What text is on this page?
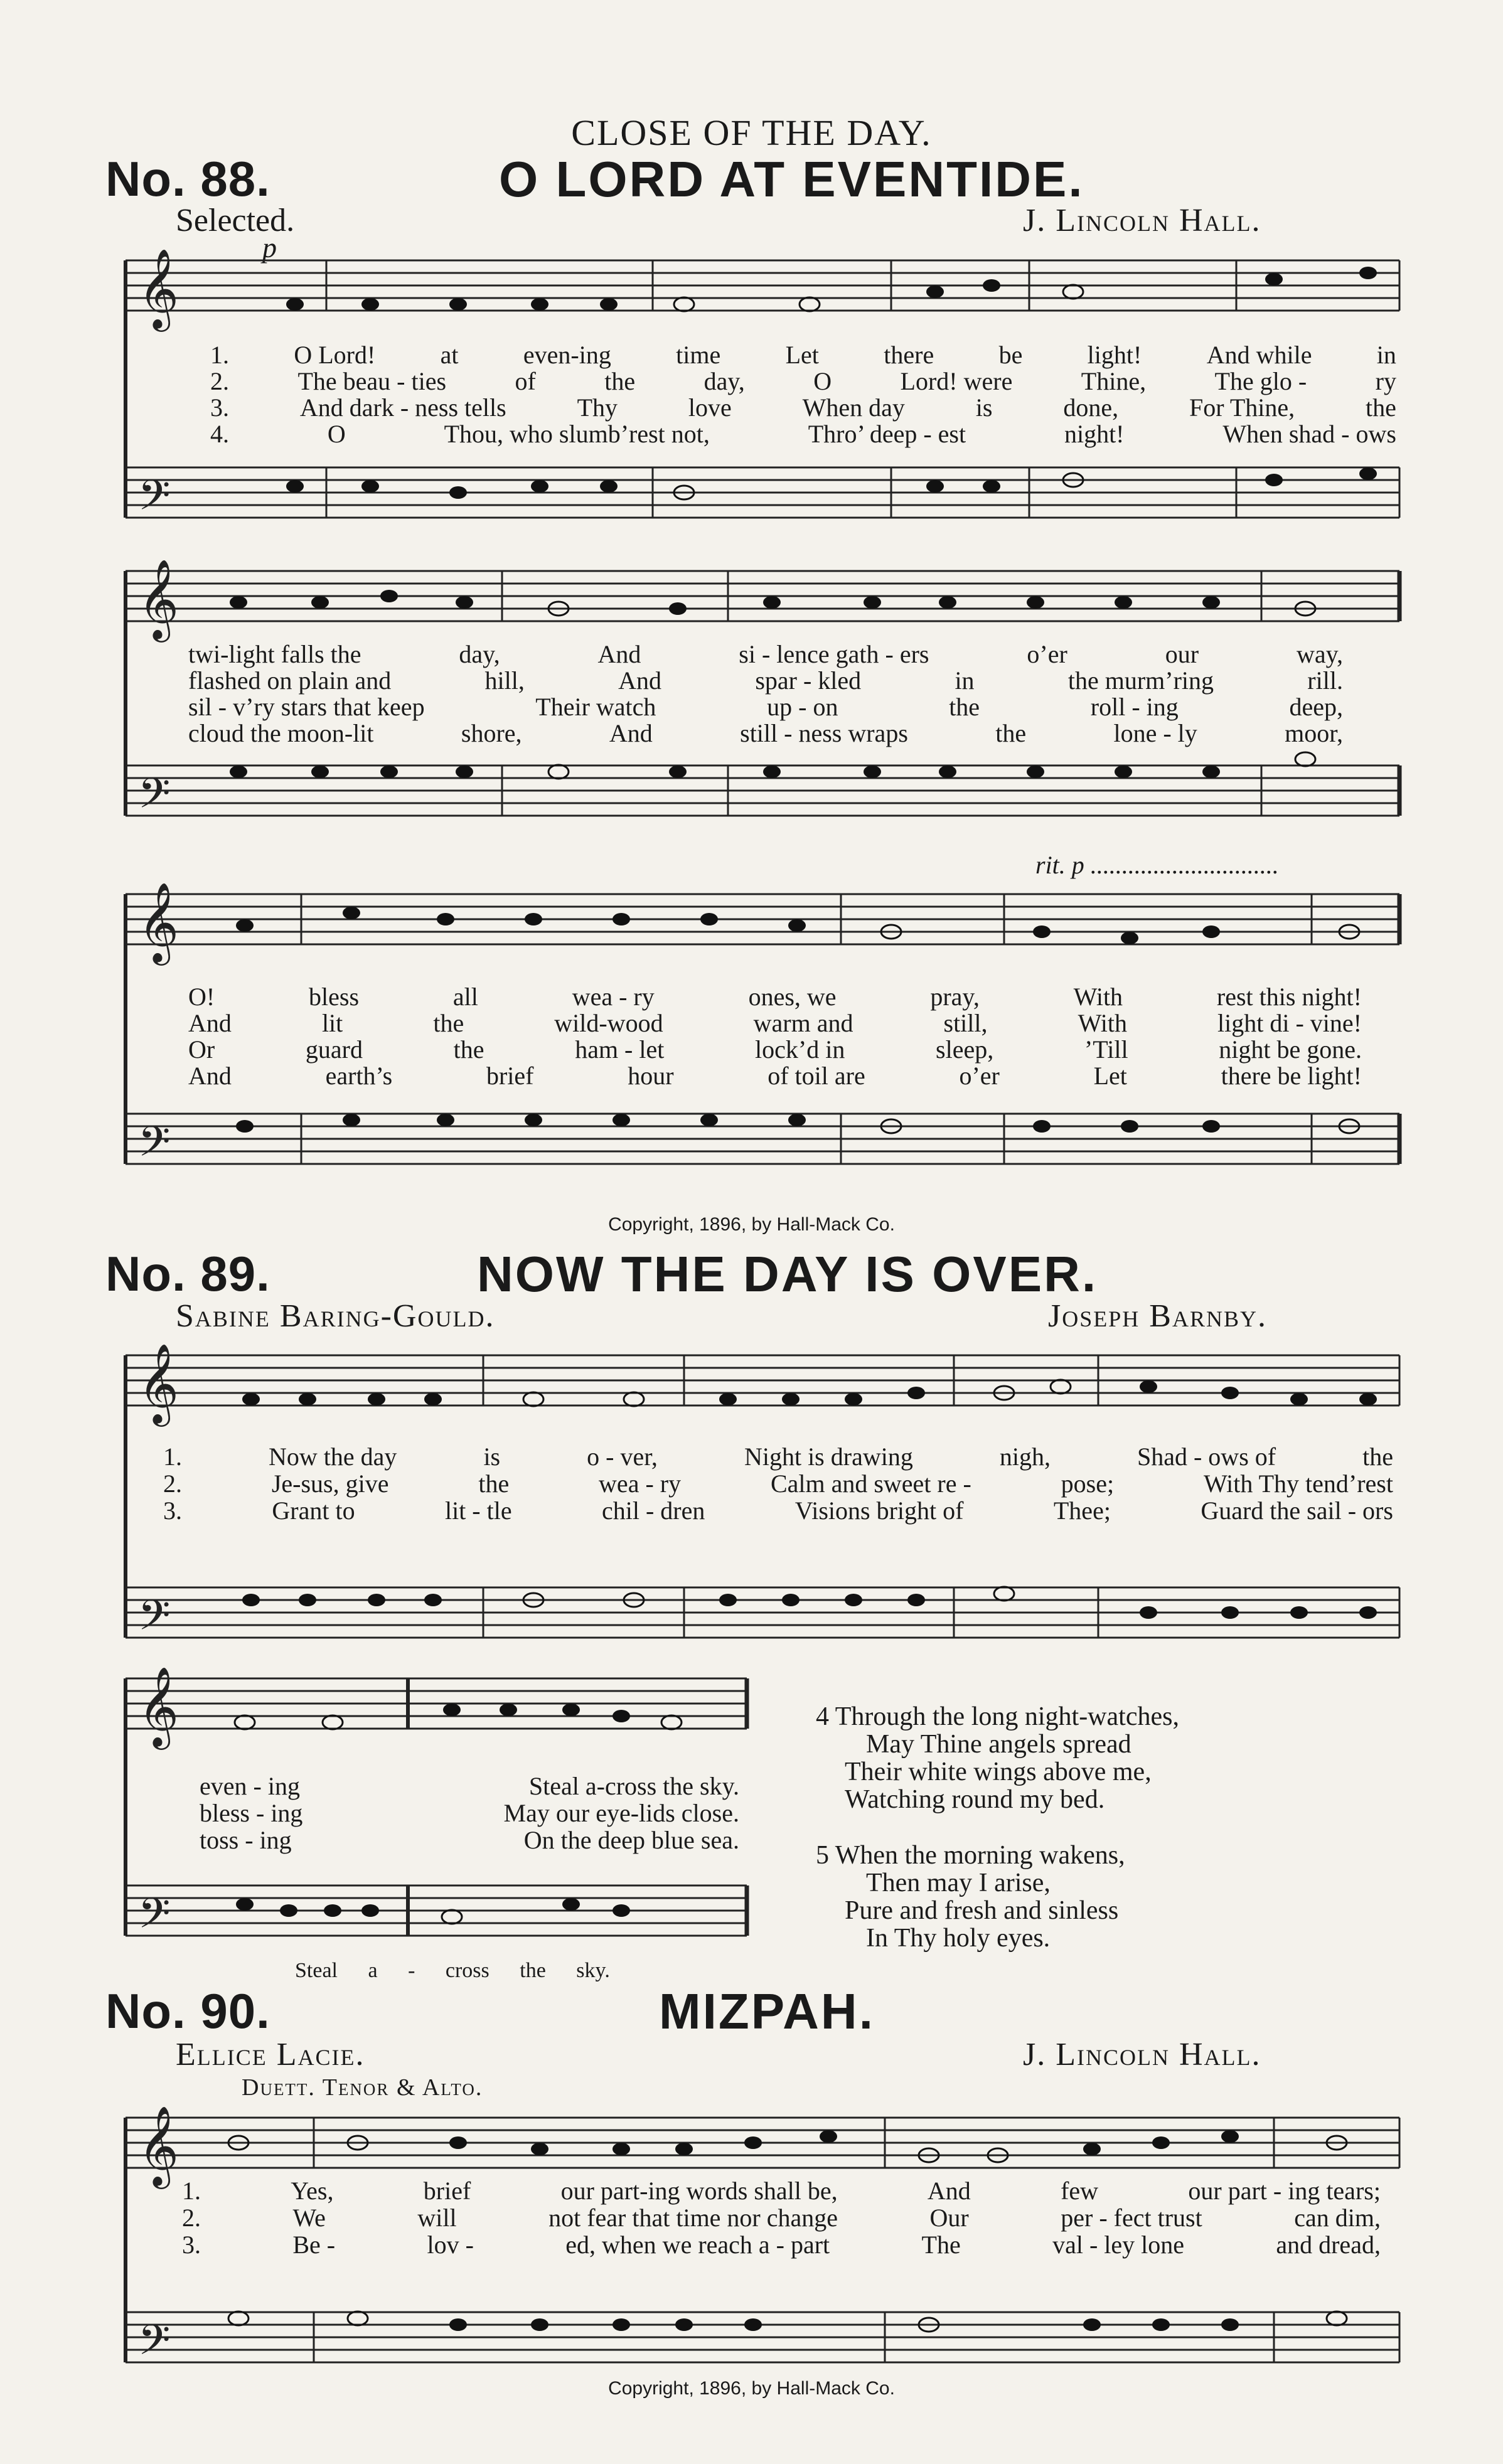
CLOSE OF THE DAY.
No. 88.	O LORD AT EVENTIDE.
Selected.	J. Lincoln Hall.
p
𝄞
𝄢
1.	O Lord!	at	even-ing	time	Let	there	be	light!	And while	in
2.	The beau - ties	of	the	day,	O	Lord! were	Thine,	The glo -	ry
3.	And dark - ness tells	Thy	love	When day	is	done,	For Thine,	the
4.	O	Thou, who slumb’rest not,	Thro’ deep - est	night!	When shad - ows
𝄞
𝄢
twi-light falls the	day,	And	si - lence gath - ers	o’er	our	way,
flashed on plain and	hill,	And	spar - kled	in	the murm’ring	rill.
sil - v’ry stars that keep	Their watch	up - on	the	roll - ing	deep,
cloud the moon-lit	shore,	And	still - ness wraps	the	lone - ly	moor,
rit. p ..............................
𝄞
𝄢
O!	bless	all	wea - ry	ones, we	pray,	With	rest this night!
And	lit	the	wild-wood	warm and	still,	With	light di - vine!
Or	guard	the	ham - let	lock’d in	sleep,	’Till	night be gone.
And	earth’s	brief	hour	of toil are	o’er	Let	there be light!
Copyright, 1896, by Hall-Mack Co.
No. 89.	NOW THE DAY IS OVER.
Sabine Baring-Gould.	Joseph Barnby.
𝄞
𝄢
1.	Now the day	is	o - ver,	Night is drawing	nigh,	Shad - ows of	the
2.	Je-sus, give	the	wea - ry	Calm and sweet re -	pose;	With Thy tend’rest
3.	Grant to	lit - tle	chil - dren	Visions bright of	Thee;	Guard the sail - ors
𝄞
𝄢
even - ing	Steal a-cross the sky.
bless - ing	May our eye-lids close.
toss - ing	On the deep blue sea.
Steal a - cross the sky.
4 Through the long night-watches,
May Thine angels spread
Their white wings above me,
Watching round my bed.
5 When the morning wakens,
Then may I arise,
Pure and fresh and sinless
In Thy holy eyes.
No. 90.	MIZPAH.
Ellice Lacie.	J. Lincoln Hall.
Duett. Tenor & Alto.
𝄞
𝄢
1.	Yes,	brief	our part-ing words shall be,	And	few	our part - ing tears;
2.	We	will	not fear that time nor change	Our	per - fect trust	can dim,
3.	Be -	lov -	ed, when we reach a - part	The	val - ley lone	and dread,
Copyright, 1896, by Hall-Mack Co.
